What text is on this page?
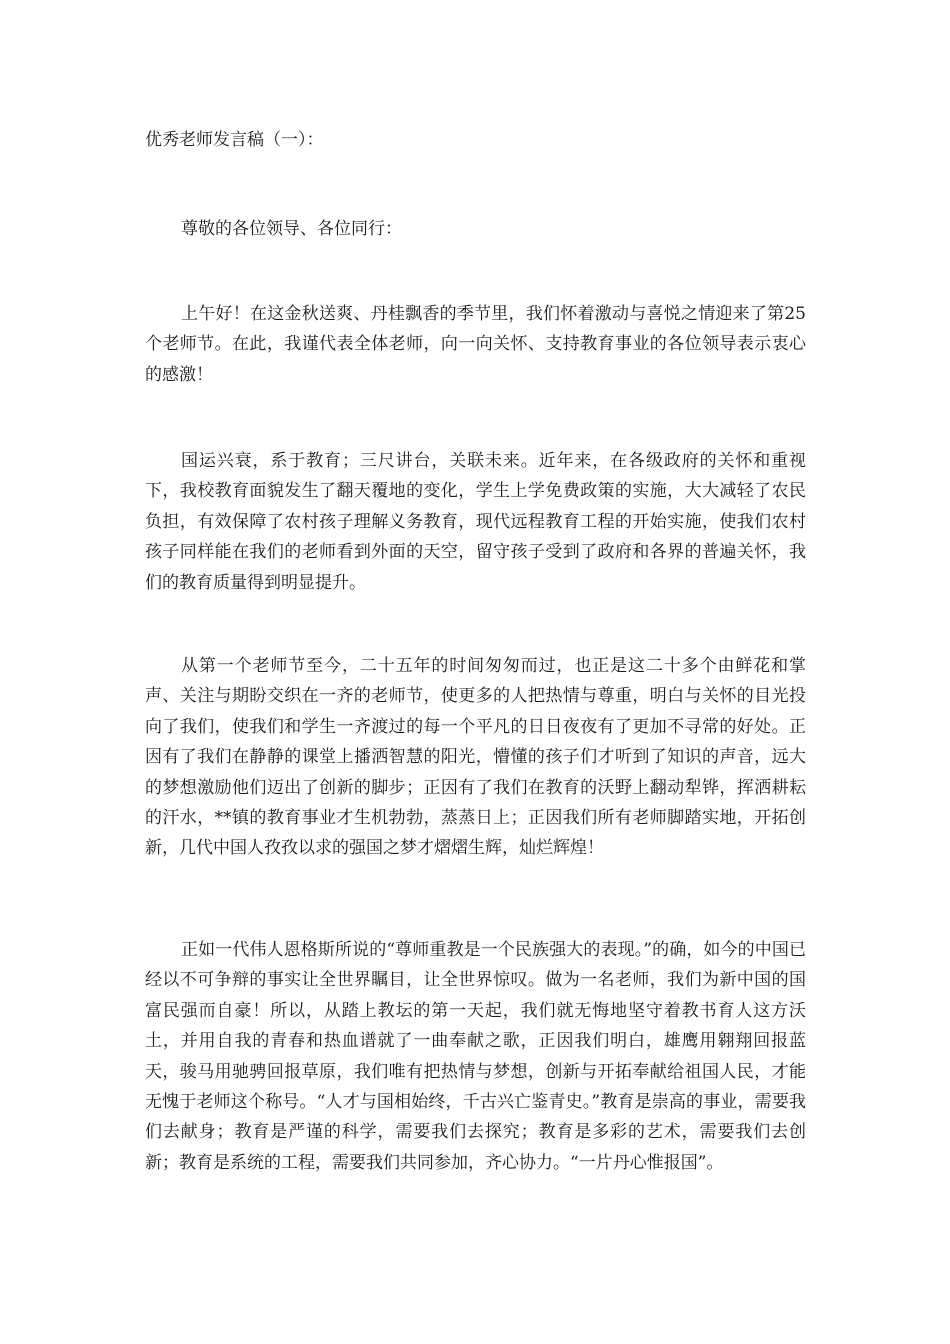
优秀老师发言稿（一）：

尊敬的各位领导、各位同行：

上午好！在这金秋送爽、丹桂飘香的季节里，我们怀着激动与喜悦之情迎来了第25个老师节。在此，我谨代表全体老师，向一向关怀、支持教育事业的各位领导表示衷心的感激！

国运兴衰，系于教育；三尺讲台，关联未来。近年来，在各级政府的关怀和重视下，我校教育面貌发生了翻天覆地的变化，学生上学免费政策的实施，大大减轻了农民负担，有效保障了农村孩子理解义务教育，现代远程教育工程的开始实施，使我们农村孩子同样能在我们的老师看到外面的天空，留守孩子受到了政府和各界的普遍关怀，我们的教育质量得到明显提升。

从第一个老师节至今，二十五年的时间匆匆而过，也正是这二十多个由鲜花和掌声、关注与期盼交织在一齐的老师节，使更多的人把热情与尊重，明白与关怀的目光投向了我们，使我们和学生一齐渡过的每一个平凡的日日夜夜有了更加不寻常的好处。正因有了我们在静静的课堂上播洒智慧的阳光，懵懂的孩子们才听到了知识的声音，远大的梦想激励他们迈出了创新的脚步；正因有了我们在教育的沃野上翻动犁铧，挥洒耕耘的汗水，**镇的教育事业才生机勃勃，蒸蒸日上；正因我们所有老师脚踏实地，开拓创新，几代中国人孜孜以求的强国之梦才熠熠生辉，灿烂辉煌！

正如一代伟人恩格斯所说的“尊师重教是一个民族强大的表现。”的确，如今的中国已经以不可争辩的事实让全世界瞩目，让全世界惊叹。做为一名老师，我们为新中国的国富民强而自豪！所以，从踏上教坛的第一天起，我们就无悔地坚守着教书育人这方沃土，并用自我的青春和热血谱就了一曲奉献之歌，正因我们明白，雄鹰用翱翔回报蓝天，骏马用驰骋回报草原，我们唯有把热情与梦想，创新与开拓奉献给祖国人民，才能无愧于老师这个称号。“人才与国相始终，千古兴亡鉴青史。”教育是崇高的事业，需要我们去献身；教育是严谨的科学，需要我们去探究；教育是多彩的艺术，需要我们去创新；教育是系统的工程，需要我们共同参加，齐心协力。“一片丹心惟报国”。
